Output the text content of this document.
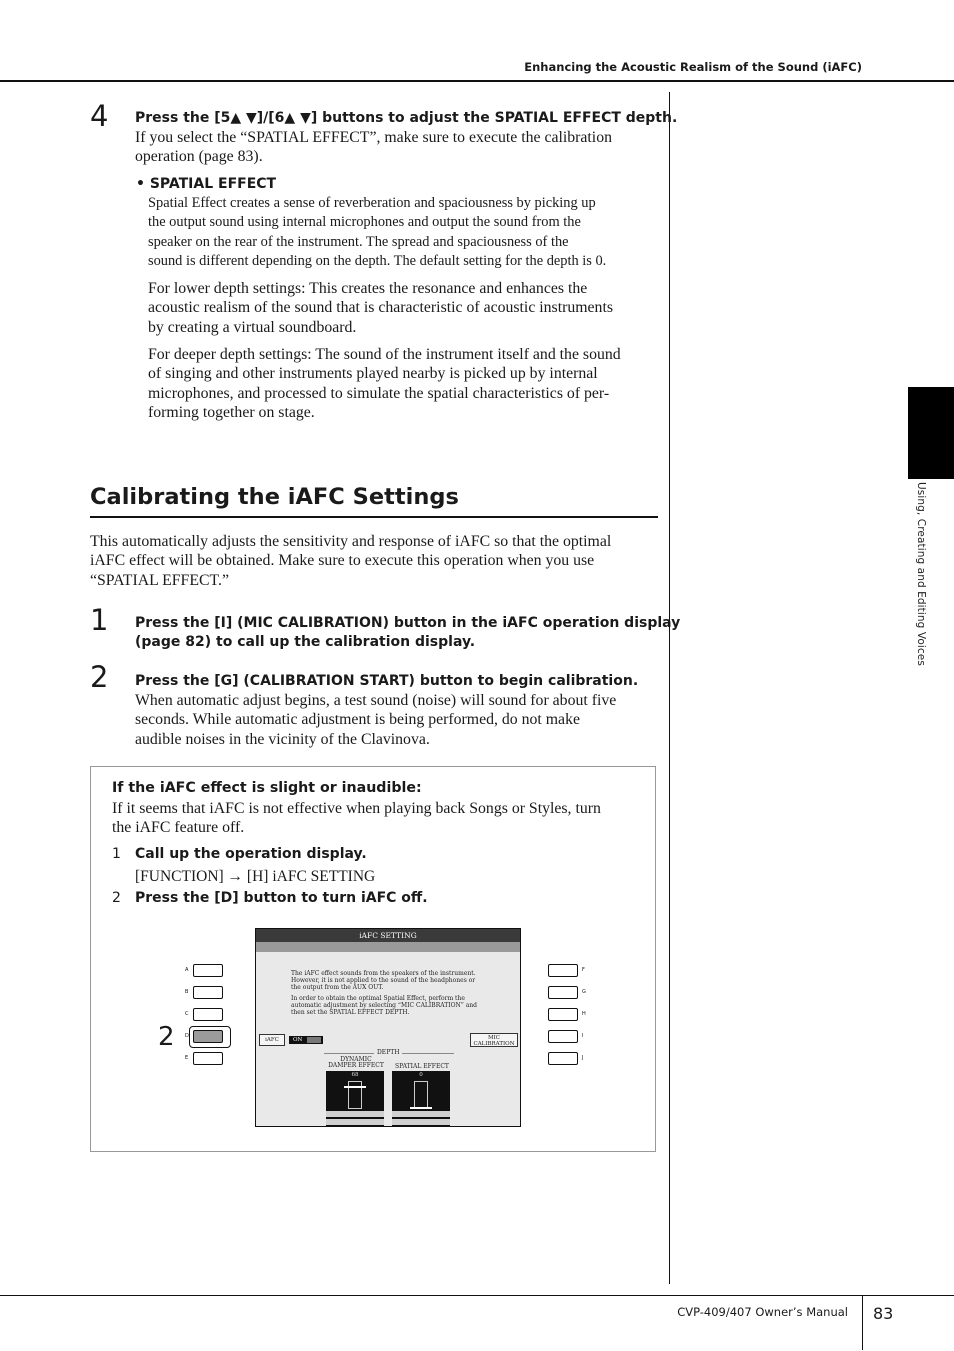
Enhancing the Acoustic Realism of the Sound (iAFC)
Using, Creating and Editing Voices
4 Press the [5▲ ▼]/[6▲ ▼] buttons to adjust the SPATIAL EFFECT depth.
If you select the “SPATIAL EFFECT”, make sure to execute the calibration
operation (page 83).
• SPATIAL EFFECT
Spatial Effect creates a sense of reverberation and spaciousness by picking up
the output sound using internal microphones and output the sound from the
speaker on the rear of the instrument. The spread and spaciousness of the
sound is different depending on the depth. The default setting for the depth is 0.
For lower depth settings: This creates the resonance and enhances the
acoustic realism of the sound that is characteristic of acoustic instruments
by creating a virtual soundboard.
For deeper depth settings: The sound of the instrument itself and the sound
of singing and other instruments played nearby is picked up by internal
microphones, and processed to simulate the spatial characteristics of per-
forming together on stage.
Calibrating the iAFC Settings
This automatically adjusts the sensitivity and response of iAFC so that the optimal
iAFC effect will be obtained. Make sure to execute this operation when you use
“SPATIAL EFFECT.”
1 Press the [I] (MIC CALIBRATION) button in the iAFC operation display
(page 82) to call up the calibration display.
2 Press the [G] (CALIBRATION START) button to begin calibration.
When automatic adjust begins, a test sound (noise) will sound for about five
seconds. While automatic adjustment is being performed, do not make
audible noises in the vicinity of the Clavinova.
If the iAFC effect is slight or inaudible:
If it seems that iAFC is not effective when playing back Songs or Styles, turn
the iAFC feature off.
1 Call up the operation display.
[FUNCTION] → [H] iAFC SETTING
2 Press the [D] button to turn iAFC off.
A
B
C
D
E
2
F
G
H
I
J
iAFC SETTING
The iAFC effect sounds from the speakers of the instrument.
However, it is not applied to the sound of the headphones or
the output from the AUX OUT.
In order to obtain the optimal Spatial Effect, perform the
automatic adjustment by selecting “MIC CALIBRATION” and
then set the SPATIAL EFFECT DEPTH.
iAFC	ON	MIC
CALIBRATION
DEPTH
DYNAMIC
DAMPER EFFECT	SPATIAL EFFECT
68	0
CVP-409/407 Owner’s Manual 83
